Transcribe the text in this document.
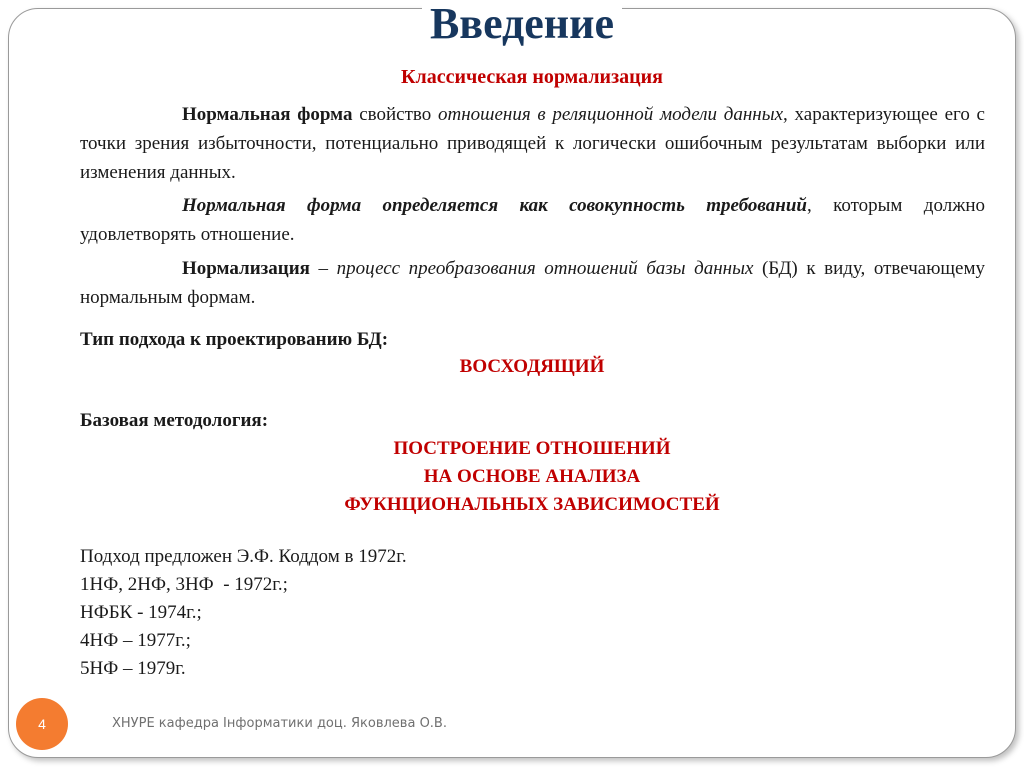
Введение
Классическая нормализация
Нормальная форма свойство отношения в реляционной модели данных, характеризующее его с точки зрения избыточности, потенциально приводящей к логически ошибочным результатам выборки или изменения данных.
Нормальная форма определяется как совокупность требований, которым должно удовлетворять отношение.
Нормализация – процесс преобразования отношений базы данных (БД) к виду, отвечающему нормальным формам.
Тип подхода к проектированию БД:
ВОСХОДЯЩИЙ
Базовая методология:
ПОСТРОЕНИЕ ОТНОШЕНИЙ
НА ОСНОВЕ АНАЛИЗА
ФУКНЦИОНАЛЬНЫХ ЗАВИСИМОСТЕЙ
Подход предложен Э.Ф. Коддом в 1972г.
1НФ, 2НФ, 3НФ  - 1972г.;
НФБК - 1974г.;
4НФ – 1977г.;
5НФ – 1979г.
4	ХНУРЕ кафедра Інформатики доц. Яковлева О.В.
